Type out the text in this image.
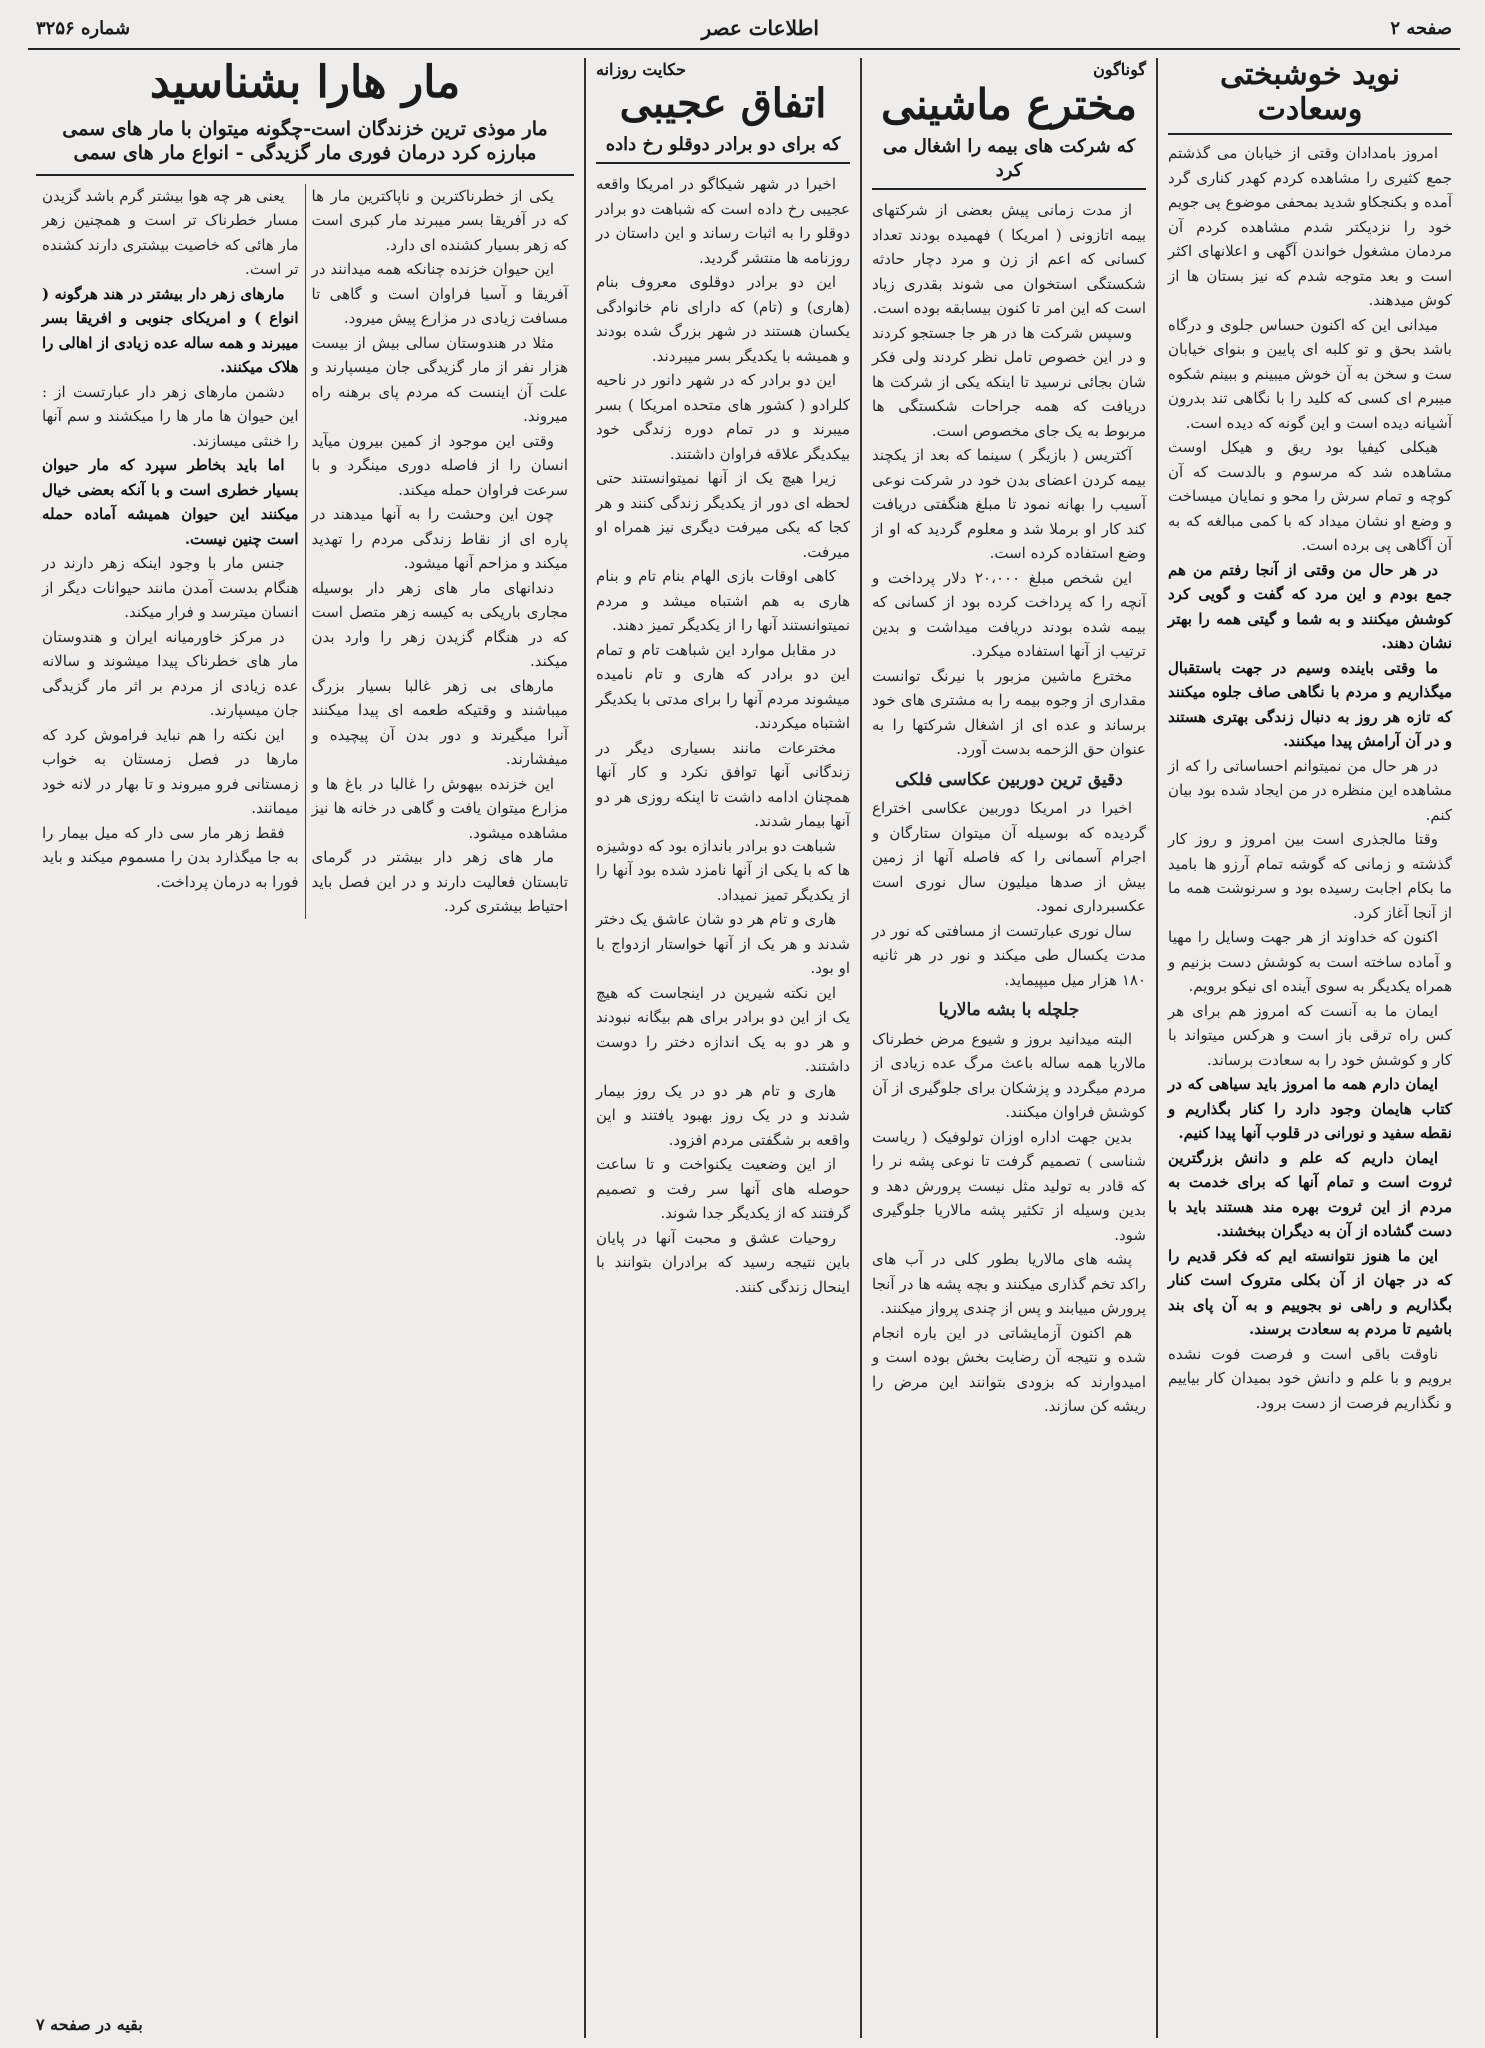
صفحه ۲
اطلاعات عصر
شماره ۳۲۵۶
نوید خوشبختی وسعادت

امروز بامدادان وقتی از خیابان می گذشتم جمع کثیری را مشاهده کردم کهدر کناری گرد آمده و بکنجکاو شدید بمحفی موضوع پی جویم خود را نزدیکتر شدم مشاهده کردم آن مردمان مشغول خواندن آگهی و اعلانهای اکثر است و بعد متوجه شدم که نیز بستان ها از کوش میدهند.

میدانی این که اکنون حساس جلوی و درگاه باشد بحق و تو کلبه ای پایین و بنوای خیابان ست و سخن به آن خوش میبینم و ببینم شکوه میبرم ای کسی که کلید را با نگاهی تند بدرون آشیانه دیده است و این گونه که دیده است.

هیکلی کیفیا بود ریق و هیکل اوست مشاهده شد که مرسوم و بالدست که آن کوچه و تمام سرش را محو و نمایان میساخت و وضع او نشان میداد که با کمی مبالغه که به آن آگاهی پی برده است.

در هر حال من وقتی از آنجا رفتم من هم جمع بودم و این مرد که گفت و گویی کرد کوشش میکنند و به شما و گیتی همه را بهتر نشان دهند.

ما وقتی باینده وسیم در جهت باستقبال میگذاریم و مردم با نگاهی صاف جلوه میکنند که تازه هر روز به دنبال زندگی بهتری هستند و در آن آرامش پیدا میکنند.

در هر حال من نمیتوانم احساساتی را که از مشاهده این منظره در من ایجاد شده بود بیان کنم.

وقتا مالجذری است بین امروز و روز کار گذشته و زمانی که گوشه تمام آرزو ها بامید ما بکام اجابت رسیده بود و سرنوشت همه ما از آنجا آغاز کرد.

اکنون که خداوند از هر جهت وسایل را مهیا و آماده ساخته است به کوشش دست بزنیم و همراه یکدیگر به سوی آینده ای نیکو برویم.

ایمان ما به آنست که امروز هم برای هر کس راه ترقی باز است و هرکس میتواند با کار و کوشش خود را به سعادت برساند.

ایمان دارم همه ما امروز باید سیاهی که در کتاب هایمان وجود دارد را کنار بگذاریم و نقطه سفید و نورانی در قلوب آنها پیدا کنیم.

ایمان داریم که علم و دانش بزرگترین ثروت است و تمام آنها که برای خدمت به مردم از این ثروت بهره مند هستند باید با دست گشاده از آن به دیگران ببخشند.

این ما هنوز نتوانسته ایم که فکر قدیم را که در جهان از آن بکلی متروک است کنار بگذاریم و راهی نو بجوییم و به آن پای بند باشیم تا مردم به سعادت برسند.

ناوقت باقی است و فرصت فوت نشده برویم و با علم و دانش خود بمیدان کار بیاییم و نگذاریم فرصت از دست برود.

گوناگون
مخترع ماشینی
که شرکت های بیمه را اشغال می کرد

از مدت زمانی پیش بعضی از شرکتهای بیمه اتازونی ( امریکا ) فهمیده بودند تعداد کسانی که اعم از زن و مرد دچار حادثه شکستگی استخوان می شوند بقدری زیاد است که این امر تا کنون بیسابقه بوده است.

وسپس شرکت ها در هر جا جستجو کردند و در این خصوص تامل نظر کردند ولی فکر شان بجائی نرسید تا اینکه یکی از شرکت ها دریافت که همه جراحات شکستگی ها مربوط به یک جای مخصوص است.

آکتریس ( بازیگر ) سینما که بعد از یکچند بیمه کردن اعضای بدن خود در شرکت نوعی آسیب را بهانه نمود تا مبلغ هنگفتی دریافت کند کار او برملا شد و معلوم گردید که او از وضع استفاده کرده است.

این شخص مبلغ ۲۰،۰۰۰ دلار پرداخت و آنچه را که پرداخت کرده بود از کسانی که بیمه شده بودند دریافت میداشت و بدین ترتیب از آنها استفاده میکرد.

مخترع ماشین مزبور با نیرنگ توانست مقداری از وجوه بیمه را به مشتری های خود برساند و عده ای از اشغال شرکتها را به عنوان حق الزحمه بدست آورد.

دقیق ترین دوربین عکاسی فلکی

اخیرا در امریکا دوربین عکاسی اختراع گردیده که بوسیله آن میتوان ستارگان و اجرام آسمانی را که فاصله آنها از زمین بیش از صدها میلیون سال نوری است عکسبرداری نمود.

سال نوری عبارتست از مسافتی که نور در مدت یکسال طی میکند و نور در هر ثانیه ۱۸۰ هزار میل میپیماید.

جلچله با بشه مالاریا

البته میدانید بروز و شیوع مرض خطرناک مالاریا همه ساله باعث مرگ عده زیادی از مردم میگردد و پزشکان برای جلوگیری از آن کوشش فراوان میکنند.

بدین جهت اداره اوزان تولوفیک ( ریاست شناسی ) تصمیم گرفت تا نوعی پشه نر را که قادر به تولید مثل نیست پرورش دهد و بدین وسیله از تکثیر پشه مالاریا جلوگیری شود.

پشه های مالاریا بطور کلی در آب های راکد تخم گذاری میکنند و بچه پشه ها در آنجا پرورش مییابند و پس از چندی پرواز میکنند.

هم اکنون آزمایشاتی در این باره انجام شده و نتیجه آن رضایت بخش بوده است و امیدوارند که بزودی بتوانند این مرض را ریشه کن سازند.

حکایت روزانه
اتفاق عجیبی
که برای دو برادر دوقلو رخ داده

اخیرا در شهر شیکاگو در امریکا واقعه عجیبی رخ داده است که شباهت دو برادر دوقلو را به اثبات رساند و این داستان در روزنامه ها منتشر گردید.

این دو برادر دوقلوی معروف بنام (هاری) و (تام) که دارای نام خانوادگی یکسان هستند در شهر بزرگ شده بودند و همیشه با یکدیگر بسر میبردند.

این دو برادر که در شهر دانور در ناحیه کلرادو ( کشور های متحده امریکا ) بسر میبرند و در تمام دوره زندگی خود بیکدیگر علاقه فراوان داشتند.

زیرا هیچ یک از آنها نمیتوانستند حتی لحظه ای دور از یکدیگر زندگی کنند و هر کجا که یکی میرفت دیگری نیز همراه او میرفت.

کاهی اوقات بازی الهام بنام تام و بنام هاری به هم اشتباه میشد و مردم نمیتوانستند آنها را از یکدیگر تمیز دهند.

در مقابل موارد این شباهت تام و تمام این دو برادر که هاری و تام نامیده میشوند مردم آنها را برای مدتی با یکدیگر اشتباه میکردند.

مخترعات مانند بسیاری دیگر در زندگانی آنها توافق نکرد و کار آنها همچنان ادامه داشت تا اینکه روزی هر دو آنها بیمار شدند.

شباهت دو برادر باندازه بود که دوشیزه ها که با یکی از آنها نامزد شده بود آنها را از یکدیگر تمیز نمیداد.

هاری و تام هر دو شان عاشق یک دختر شدند و هر یک از آنها خواستار ازدواج با او بود.

این نکته شیرین در اینجاست که هیچ یک از این دو برادر برای هم بیگانه نبودند و هر دو به یک اندازه دختر را دوست داشتند.

هاری و تام هر دو در یک روز بیمار شدند و در یک روز بهبود یافتند و این واقعه بر شگفتی مردم افزود.

از این وضعیت یکنواخت و تا ساعت حوصله های آنها سر رفت و تصمیم گرفتند که از یکدیگر جدا شوند.

روحیات عشق و محبت آنها در پایان باین نتیجه رسید که برادران بتوانند با اینحال زندگی کنند.

مار هارا بشناسید
مار موذی ترین خزندگان است-چگونه میتوان با مار های سمی مبارزه کرد درمان فوری مار گزیدگی - انواع مار های سمی

یکی از خطرناکترین و ناپاکترین مار ها که در آفریقا بسر میبرند مار کبری است که زهر بسیار کشنده ای دارد.

این حیوان خزنده چنانکه همه میدانند در آفریقا و آسیا فراوان است و گاهی تا مسافت زیادی در مزارع پیش میرود.

مثلا در هندوستان سالی بیش از بیست هزار نفر از مار گزیدگی جان میسپارند و علت آن اینست که مردم پای برهنه راه میروند.

وقتی این موجود از کمین بیرون میآید انسان را از فاصله دوری مینگرد و با سرعت فراوان حمله میکند.

چون این وحشت را به آنها میدهند در پاره ای از نقاط زندگی مردم را تهدید میکند و مزاحم آنها میشود.

دندانهای مار های زهر دار بوسیله مجاری باریکی به کیسه زهر متصل است که در هنگام گزیدن زهر را وارد بدن میکند.

مارهای بی زهر غالبا بسیار بزرگ میباشند و وقتیکه طعمه ای پیدا میکنند آنرا میگیرند و دور بدن آن پیچیده و میفشارند.

این خزنده بیهوش را غالبا در باغ ها و مزارع میتوان یافت و گاهی در خانه ها نیز مشاهده میشود.

مار های زهر دار بیشتر در گرمای تابستان فعالیت دارند و در این فصل باید احتیاط بیشتری کرد.

یعنی هر چه هوا بیشتر گرم باشد گزیدن مسار خطرناک تر است و همچنین زهر مار هائی که خاصیت بیشتری دارند کشنده تر است.

مارهای زهر دار بیشتر در هند هرگونه ( انواع ) و امریکای جنوبی و افریقا بسر میبرند و همه ساله عده زیادی از اهالی را هلاک میکنند.

دشمن مارهای زهر دار عبارتست از : این حیوان ها مار ها را میکشند و سم آنها را خنثی میسازند.

اما باید بخاطر سپرد که مار حیوان بسیار خطری است و با آنکه بعضی خیال میکنند این حیوان همیشه آماده حمله است چنین نیست.

جنس مار با وجود اینکه زهر دارند در هنگام بدست آمدن مانند حیوانات دیگر از انسان میترسد و فرار میکند.

در مرکز خاورمیانه ایران و هندوستان مار های خطرناک پیدا میشوند و سالانه عده زیادی از مردم بر اثر مار گزیدگی جان میسپارند.

این نکته را هم نباید فراموش کرد که مارها در فصل زمستان به خواب زمستانی فرو میروند و تا بهار در لانه خود میمانند.

فقط زهر مار سی دار که میل بیمار را به جا میگذارد بدن را مسموم میکند و باید فورا به درمان پرداخت.

بقیه در صفحه ۷
